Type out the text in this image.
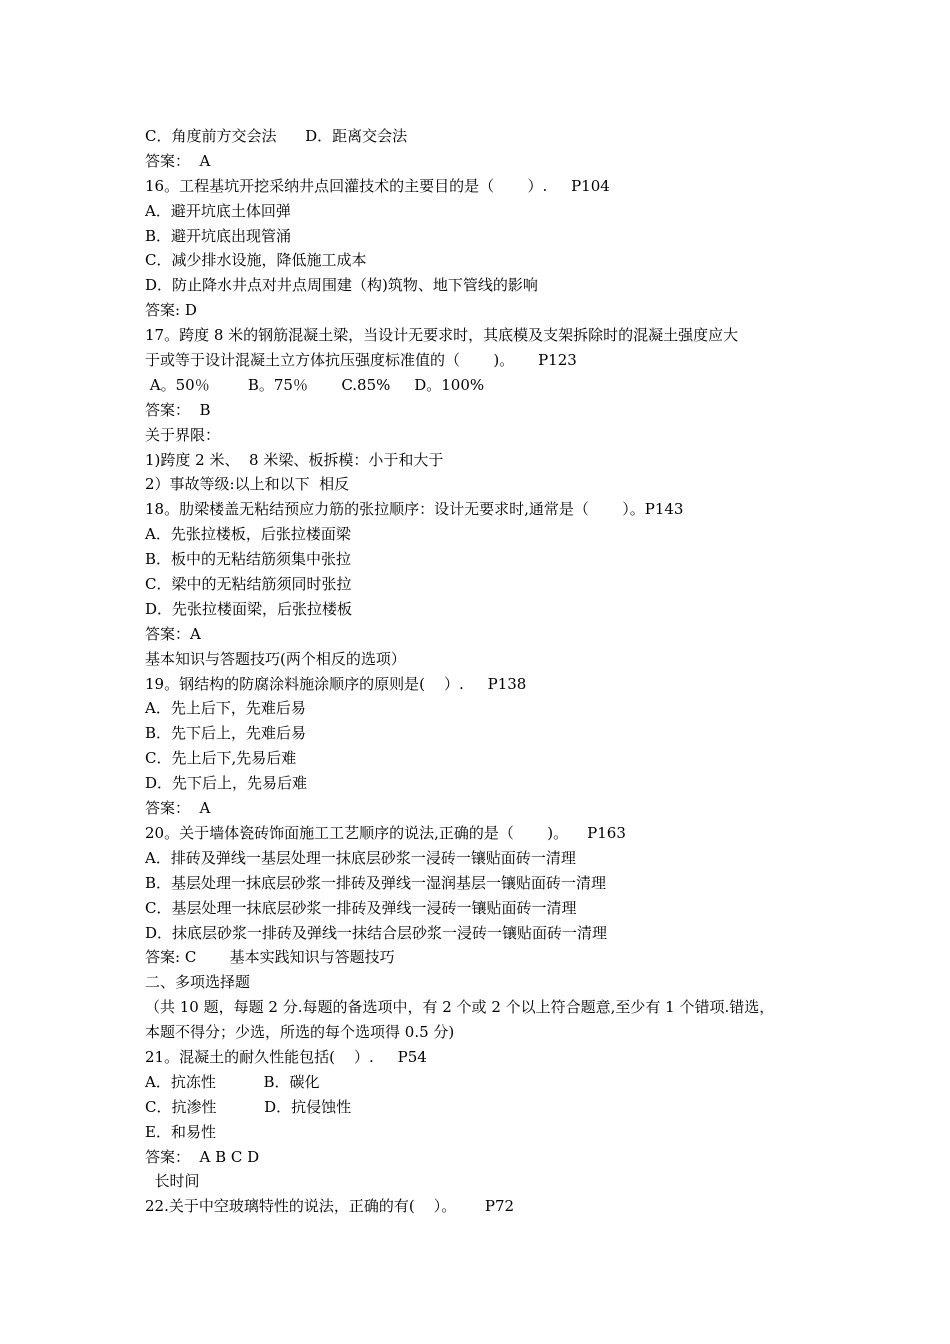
C．角度前方交会法      D．距离交会法
答案：  A
16。工程基坑开挖采纳井点回灌技术的主要目的是（       ）.     P104
A．避开坑底土体回弹
B．避开坑底出现管涌
C．减少排水设施，降低施工成本
D．防止降水井点对井点周围建（构)筑物、地下管线的影响
答案: D
17。跨度 8 米的钢筋混凝土梁，当设计无要求时，其底模及支架拆除时的混凝土强度应大
于或等于设计混凝土立方体抗压强度标准值的（       )。     P123
A。50％        B。75％       C.85%     D。100%
答案：  B
关于界限：
1)跨度 2 米、  8 米梁、板拆模：小于和大于
2）事故等级:以上和以下  相反
18。肋梁楼盖无粘结预应力筋的张拉顺序：设计无要求时,通常是（       ）。P143
A．先张拉楼板，后张拉楼面梁
B．板中的无粘结筋须集中张拉
C．梁中的无粘结筋须同时张拉
D．先张拉楼面梁，后张拉楼板
答案：A
基本知识与答题技巧(两个相反的选项）
19。钢结构的防腐涂料施涂顺序的原则是(    ）.     P138
A．先上后下，先难后易
B．先下后上，先难后易
C．先上后下,先易后难
D．先下后上，先易后难
答案：  A
20。关于墙体瓷砖饰面施工工艺顺序的说法,正确的是（       )。    P163
A．排砖及弹线一基层处理一抹底层砂浆一浸砖一镶贴面砖一清理
B．基层处理一抹底层砂浆一排砖及弹线一湿润基层一镶贴面砖一清理
C．基层处理一抹底层砂浆一排砖及弹线一浸砖一镶贴面砖一清理
D．抹底层砂浆一排砖及弹线一抹结合层砂浆一浸砖一镶贴面砖一清理
答案: C       基本实践知识与答题技巧
二、多项选择题
（共 10 题，每题 2 分.每题的备选项中，有 2 个或 2 个以上符合题意,至少有 1 个错项.错选，
本题不得分；少选，所选的每个选项得 0.5 分)
21。混凝土的耐久性能包括(    ）.     P54
A．抗冻性          B．碳化
C．抗渗性          D．抗侵蚀性
E．和易性
答案：  A B C D
长时间
22.关于中空玻璃特性的说法，正确的有(    ）。      P72
